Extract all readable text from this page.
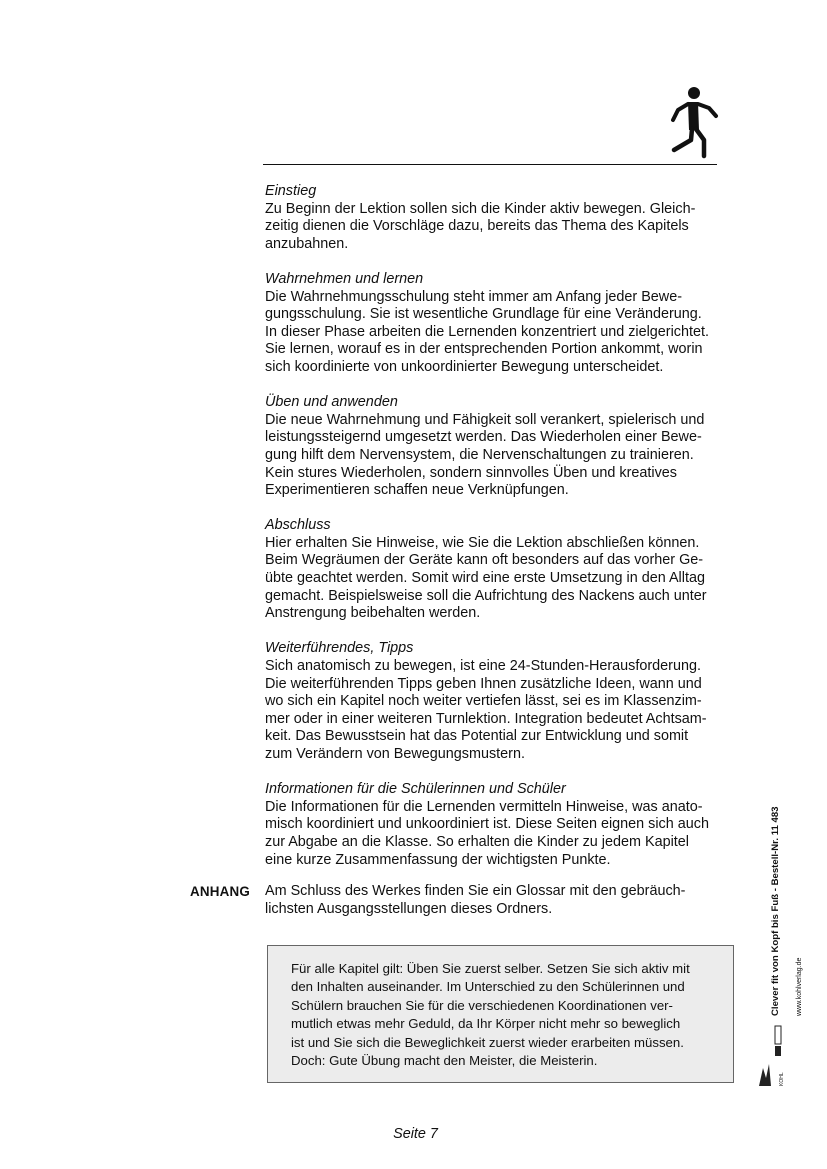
Einstieg
Zu Beginn der Lektion sollen sich die Kinder aktiv bewegen. Gleich-
zeitig dienen die Vorschläge dazu, bereits das Thema des Kapitels
anzubahnen.
Wahrnehmen und lernen
Die Wahrnehmungsschulung steht immer am Anfang jeder Bewe-
gungsschulung. Sie ist wesentliche Grundlage für eine Veränderung.
In dieser Phase arbeiten die Lernenden konzentriert und zielgerichtet.
Sie lernen, worauf es in der entsprechenden Portion ankommt, worin
sich koordinierte von unkoordinierter Bewegung unterscheidet.
Üben und anwenden
Die neue Wahrnehmung und Fähigkeit soll verankert, spielerisch und
leistungssteigernd umgesetzt werden. Das Wiederholen einer Bewe-
gung hilft dem Nervensystem, die Nervenschaltungen zu trainieren.
Kein stures Wiederholen, sondern sinnvolles Üben und kreatives
Experimentieren schaffen neue Verknüpfungen.
Abschluss
Hier erhalten Sie Hinweise, wie Sie die Lektion abschließen können.
Beim Wegräumen der Geräte kann oft besonders auf das vorher Ge-
übte geachtet werden. Somit wird eine erste Umsetzung in den Alltag
gemacht. Beispielsweise soll die Aufrichtung des Nackens auch unter
Anstrengung beibehalten werden.
Weiterführendes, Tipps
Sich anatomisch zu bewegen, ist eine 24-Stunden-Herausforderung.
Die weiterführenden Tipps geben Ihnen zusätzliche Ideen, wann und
wo sich ein Kapitel noch weiter vertiefen lässt, sei es im Klassenzim-
mer oder in einer weiteren Turnlektion. Integration bedeutet Achtsam-
keit. Das Bewusstsein hat das Potential zur Entwicklung und somit
zum Verändern von Bewegungsmustern.
Informationen für die Schülerinnen und Schüler
Die Informationen für die Lernenden vermitteln Hinweise, was anato-
misch koordiniert und unkoordiniert ist. Diese Seiten eignen sich auch
zur Abgabe an die Klasse. So erhalten die Kinder zu jedem Kapitel
eine kurze Zusammenfassung der wichtigsten Punkte.
ANHANG Am Schluss des Werkes finden Sie ein Glossar mit den gebräuch-
lichsten Ausgangsstellungen dieses Ordners.
Für alle Kapitel gilt: Üben Sie zuerst selber. Setzen Sie sich aktiv mit
den Inhalten auseinander. Im Unterschied zu den Schülerinnen und
Schülern brauchen Sie für die verschiedenen Koordinationen ver-
mutlich etwas mehr Geduld, da Ihr Körper nicht mehr so beweglich
ist und Sie sich die Beweglichkeit zuerst wieder erarbeiten müssen.
Doch: Gute Übung macht den Meister, die Meisterin.
KOHL
Clever fit von Kopf bis Fuß - Bestell-Nr. 11 483 www.kohlverlag.de
Seite 7
